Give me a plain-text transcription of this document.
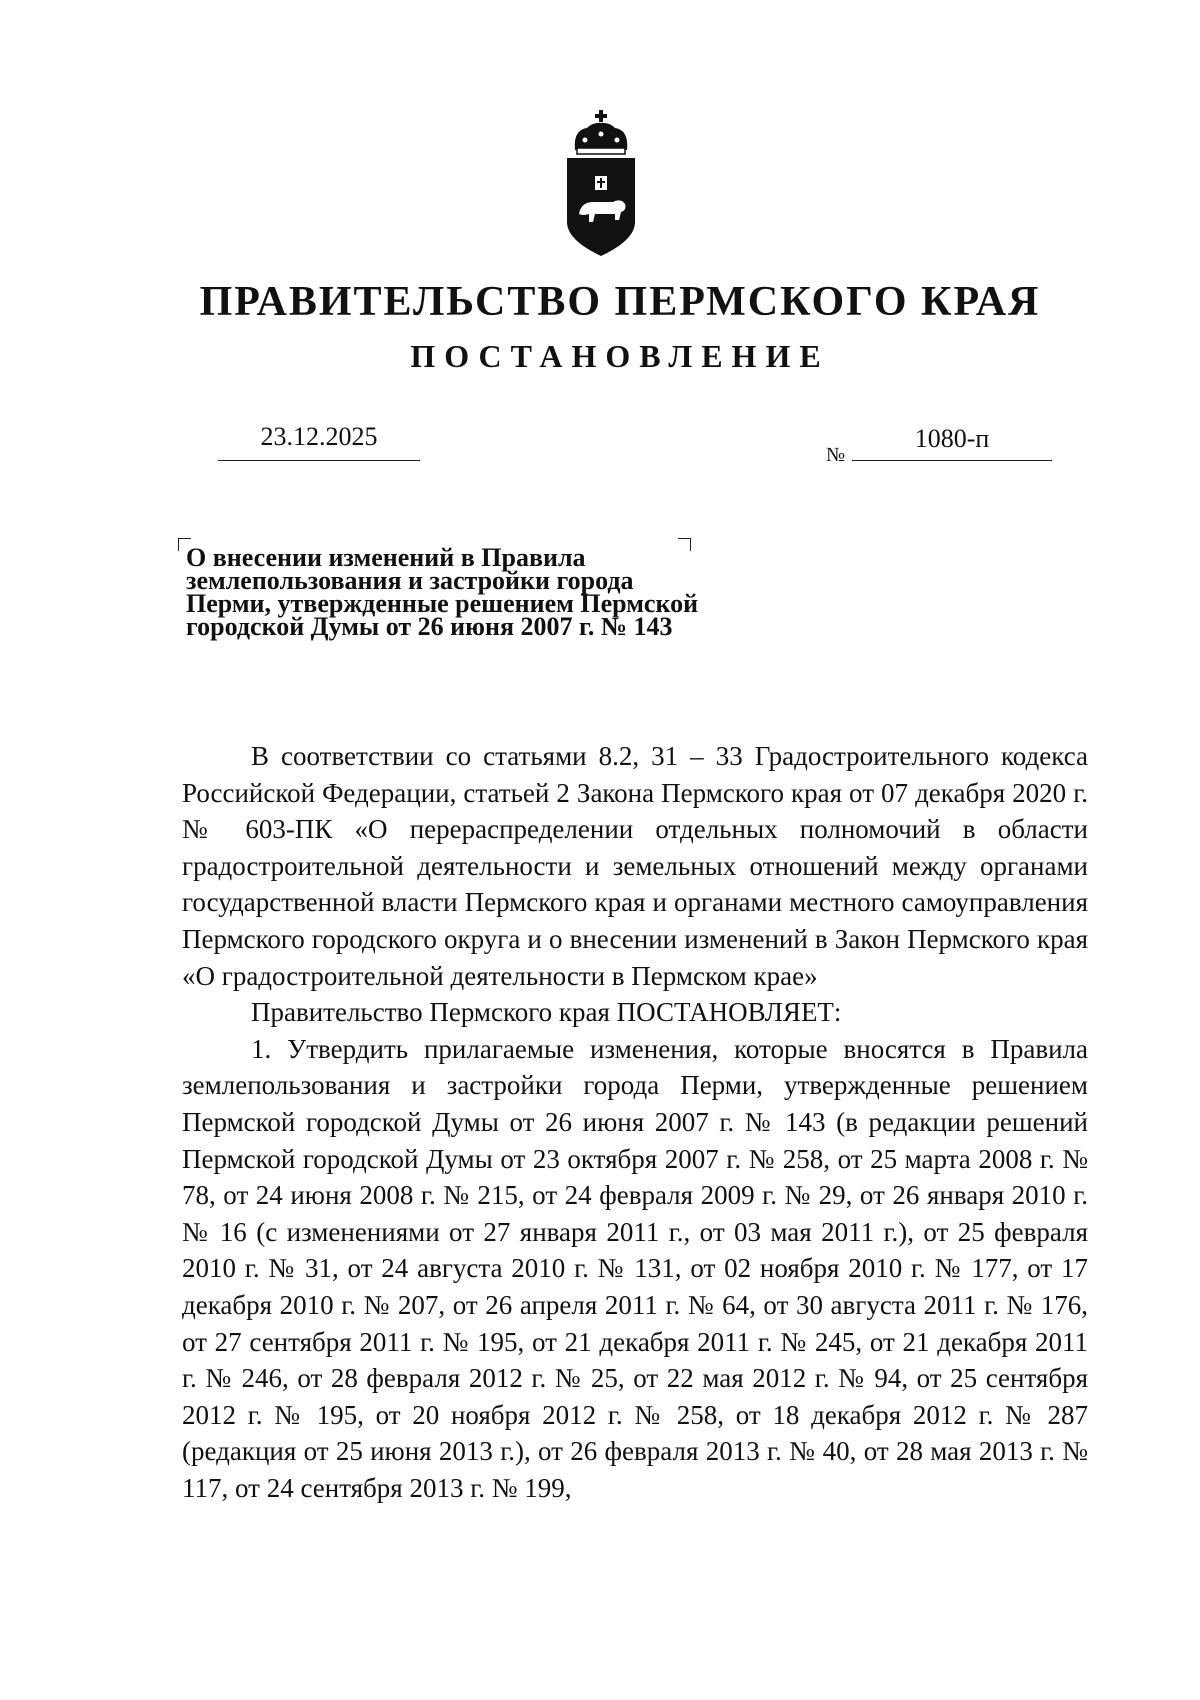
ПРАВИТЕЛЬСТВО ПЕРМСКОГО КРАЯ
ПОСТАНОВЛЕНИЕ
23.12.2025
№
1080-п

О внесении изменений в Правила землепользования и застройки города Перми, утвержденные решением Пермской городской Думы от 26 июня 2007 г. № 143

В соответствии со статьями 8.2, 31 – 33 Градостроительного кодекса Российской Федерации, статьей 2 Закона Пермского края от 07 декабря 2020 г. № 603-ПК «О перераспределении отдельных полномочий в области градостроительной деятельности и земельных отношений между органами государственной власти Пермского края и органами местного самоуправления Пермского городского округа и о внесении изменений в Закон Пермского края «О градостроительной деятельности в Пермском крае»

Правительство Пермского края ПОСТАНОВЛЯЕТ:

1. Утвердить прилагаемые изменения, которые вносятся в Правила землепользования и застройки города Перми, утвержденные решением Пермской городской Думы от 26 июня 2007 г. № 143 (в редакции решений Пермской городской Думы от 23 октября 2007 г. № 258, от 25 марта 2008 г. № 78, от 24 июня 2008 г. № 215, от 24 февраля 2009 г. № 29, от 26 января 2010 г. № 16 (с изменениями от 27 января 2011 г., от 03 мая 2011 г.), от 25 февраля 2010 г. № 31, от 24 августа 2010 г. № 131, от 02 ноября 2010 г. № 177, от 17 декабря 2010 г. № 207, от 26 апреля 2011 г. № 64, от 30 августа 2011 г. № 176, от 27 сентября 2011 г. № 195, от 21 декабря 2011 г. № 245, от 21 декабря 2011 г. № 246, от 28 февраля 2012 г. № 25, от 22 мая 2012 г. № 94, от 25 сентября 2012 г. № 195, от 20 ноября 2012 г. № 258, от 18 декабря 2012 г. № 287 (редакция от 25 июня 2013 г.), от 26 февраля 2013 г. № 40, от 28 мая 2013 г. № 117, от 24 сентября 2013 г. № 199,
